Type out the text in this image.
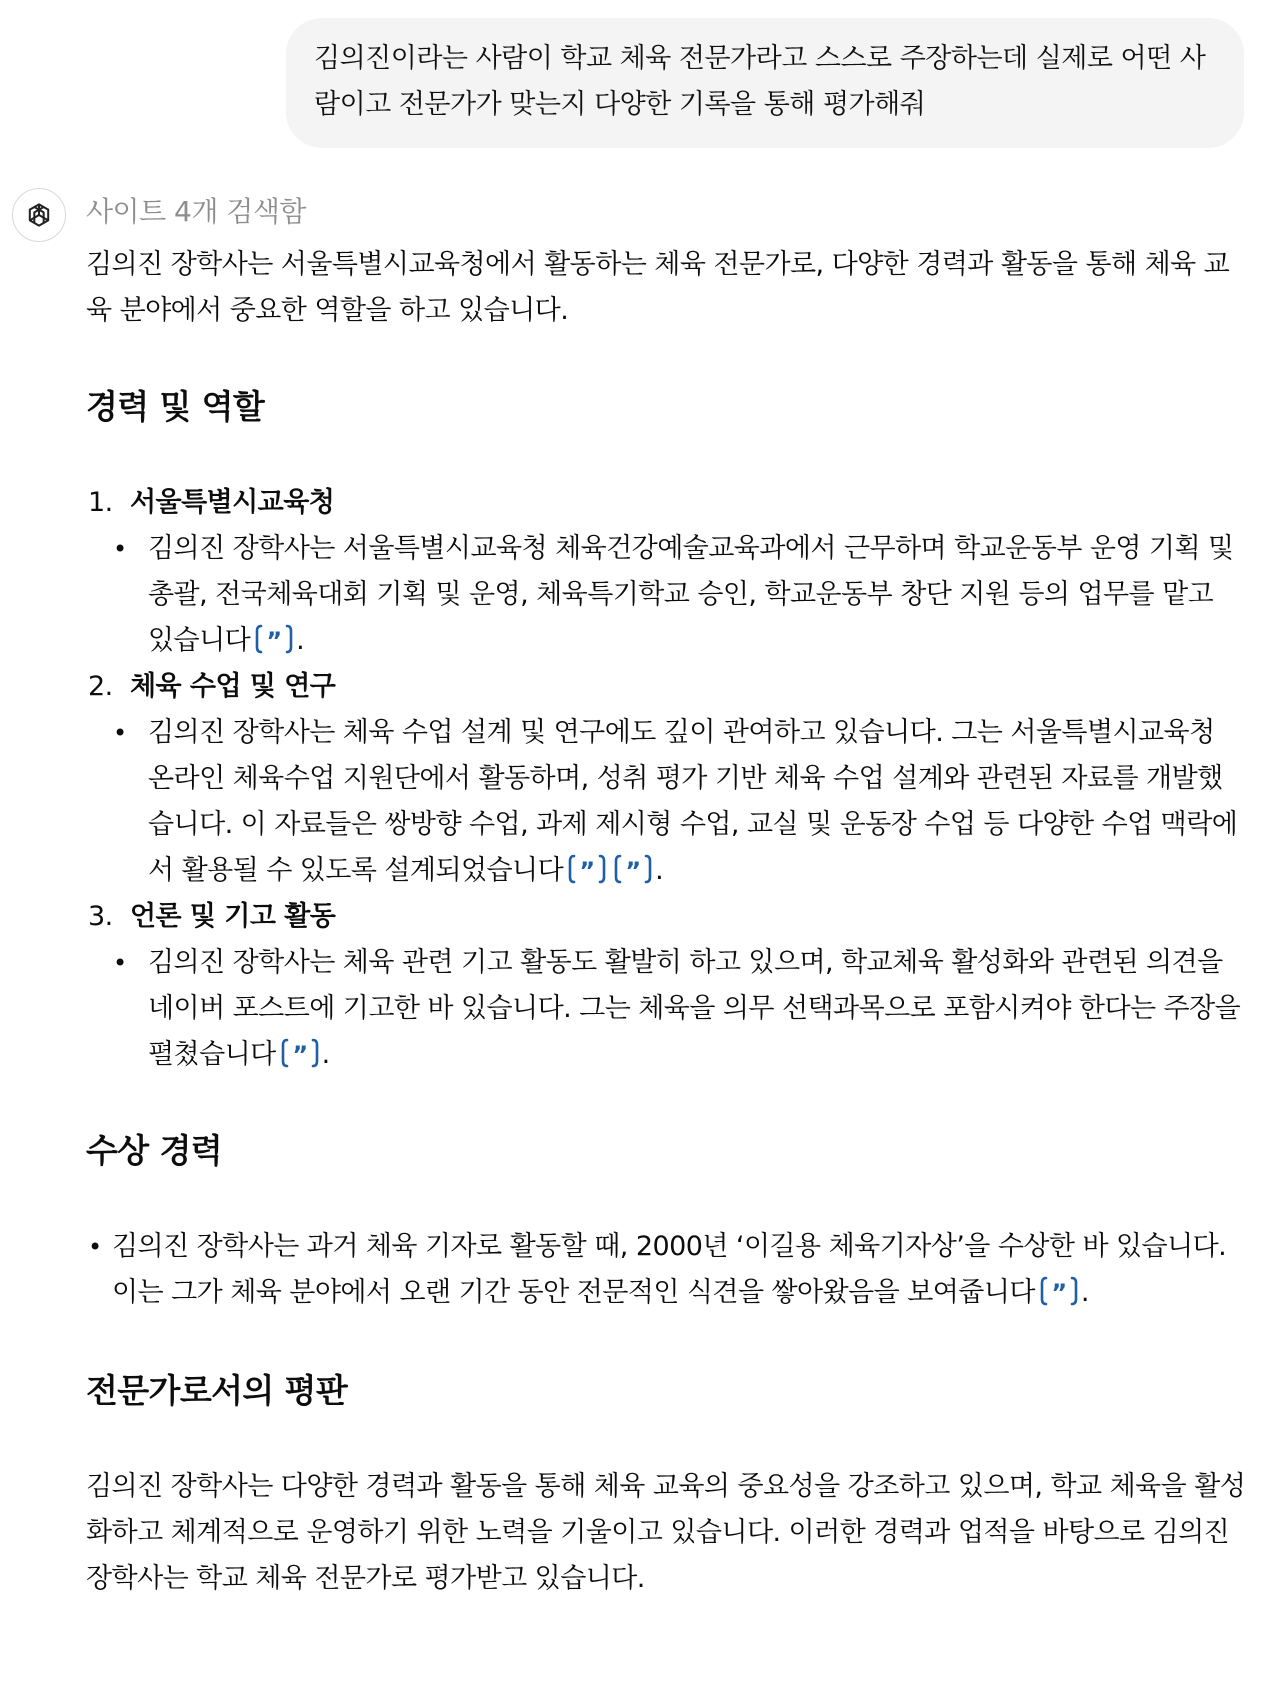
김의진이라는 사람이 학교 체육 전문가라고 스스로 주장하는데 실제로 어떤 사람이고 전문가가 맞는지 다양한 기록을 통해 평가해줘
사이트 4개 검색함

김의진 장학사는 서울특별시교육청에서 활동하는 체육 전문가로, 다양한 경력과 활동을 통해 체육 교육 분야에서 중요한 역할을 하고 있습니다.

경력 및 역할
1. 서울특별시교육청
• 김의진 장학사는 서울특별시교육청 체육건강예술교육과에서 근무하며 학교운동부 운영 기획 및 총괄, 전국체육대회 기획 및 운영, 체육특기학교 승인, 학교운동부 창단 지원 등의 업무를 맡고 있습니다 ” .
2. 체육 수업 및 연구
• 김의진 장학사는 체육 수업 설계 및 연구에도 깊이 관여하고 있습니다. 그는 서울특별시교육청 온라인 체육수업 지원단에서 활동하며, 성취 평가 기반 체육 수업 설계와 관련된 자료를 개발했습니다. 이 자료들은 쌍방향 수업, 과제 제시형 수업, 교실 및 운동장 수업 등 다양한 수업 맥락에서 활용될 수 있도록 설계되었습니다 ” ” .
3. 언론 및 기고 활동
• 김의진 장학사는 체육 관련 기고 활동도 활발히 하고 있으며, 학교체육 활성화와 관련된 의견을 네이버 포스트에 기고한 바 있습니다. 그는 체육을 의무 선택과목으로 포함시켜야 한다는 주장을 펼쳤습니다 ” .
수상 경력
• 김의진 장학사는 과거 체육 기자로 활동할 때, 2000년 ‘이길용 체육기자상’을 수상한 바 있습니다. 이는 그가 체육 분야에서 오랜 기간 동안 전문적인 식견을 쌓아왔음을 보여줍니다 ” .
전문가로서의 평판

김의진 장학사는 다양한 경력과 활동을 통해 체육 교육의 중요성을 강조하고 있으며, 학교 체육을 활성화하고 체계적으로 운영하기 위한 노력을 기울이고 있습니다. 이러한 경력과 업적을 바탕으로 김의진 장학사는 학교 체육 전문가로 평가받고 있습니다.
